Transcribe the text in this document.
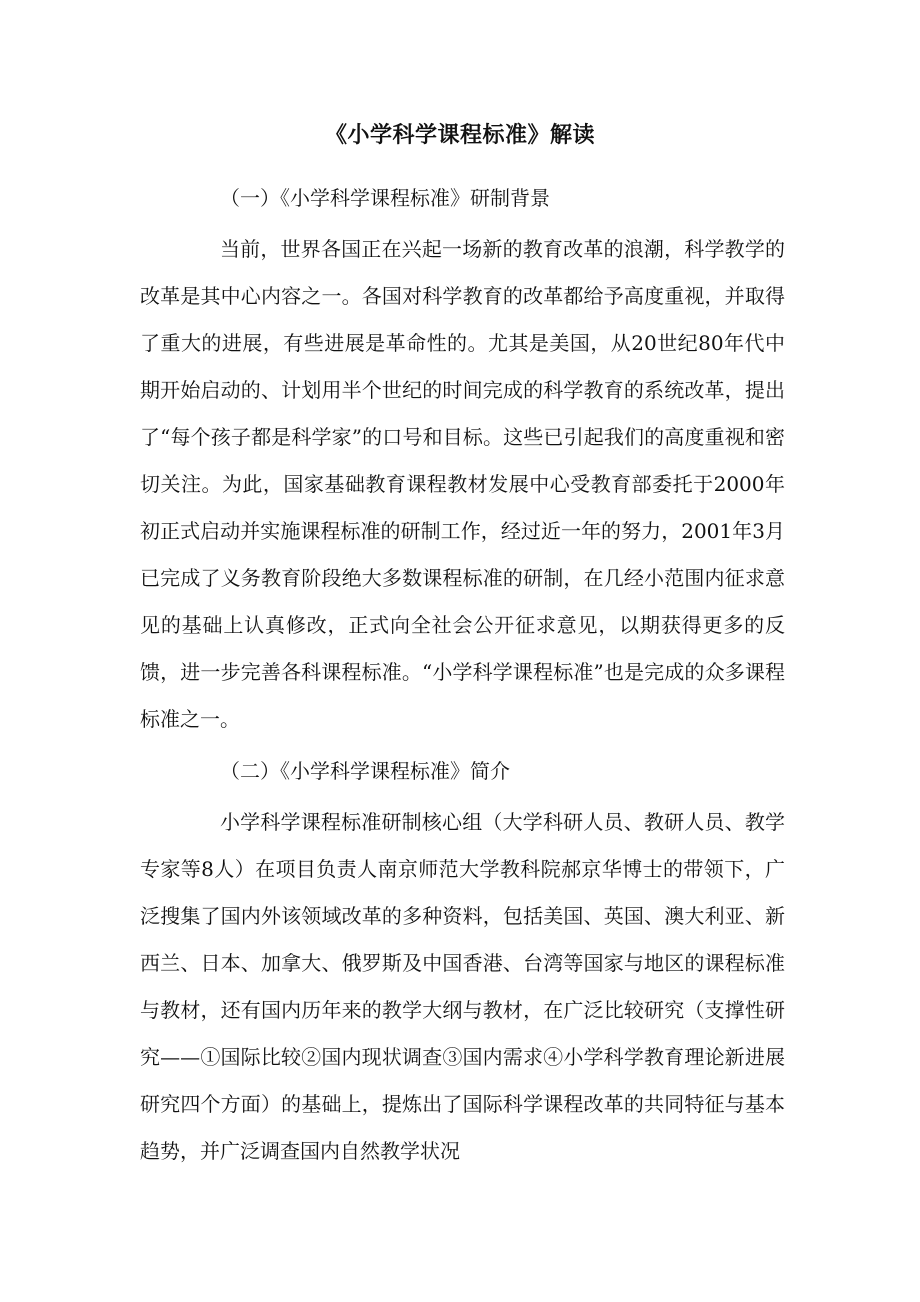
《小学科学课程标准》解读

（一）《小学科学课程标准》研制背景

当前，世界各国正在兴起一场新的教育改革的浪潮，科学教学的改革是其中心内容之一。各国对科学教育的改革都给予高度重视，并取得了重大的进展，有些进展是革命性的。尤其是美国，从20世纪80年代中期开始启动的、计划用半个世纪的时间完成的科学教育的系统改革，提出了“每个孩子都是科学家”的口号和目标。这些已引起我们的高度重视和密切关注。为此，国家基础教育课程教材发展中心受教育部委托于2000年初正式启动并实施课程标准的研制工作，经过近一年的努力，2001年3月已完成了义务教育阶段绝大多数课程标准的研制，在几经小范围内征求意见的基础上认真修改，正式向全社会公开征求意见，以期获得更多的反馈，进一步完善各科课程标准。“小学科学课程标准”也是完成的众多课程标准之一。

（二）《小学科学课程标准》简介

小学科学课程标准研制核心组（大学科研人员、教研人员、教学专家等8人）在项目负责人南京师范大学教科院郝京华博士的带领下，广泛搜集了国内外该领域改革的多种资料，包括美国、英国、澳大利亚、新西兰、日本、加拿大、俄罗斯及中国香港、台湾等国家与地区的课程标准与教材，还有国内历年来的教学大纲与教材，在广泛比较研究（支撑性研究——①国际比较②国内现状调查③国内需求④小学科学教育理论新进展研究四个方面）的基础上，提炼出了国际科学课程改革的共同特征与基本趋势，并广泛调查国内自然教学状况
